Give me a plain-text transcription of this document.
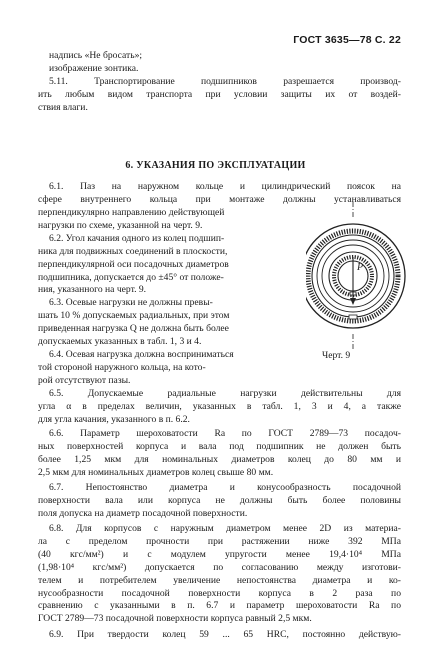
ГОСТ 3635—78 С. 22

надпись «Не бросать»;

изображение зонтика.

5.11. Транспортирование подшипников разрешается производ-

ить любым видом транспорта при условии защиты их от воздей-

ствия влаги.

6. УКАЗАНИЯ ПО ЭКСПЛУАТАЦИИ

6.1. Паз на наружном кольце и цилиндрический поясок на

сфере внутреннего кольца при монтаже должны устанавливаться

перпендикулярно направлению действующей

нагрузки по схеме, указанной на черт. 9.

6.2. Угол качания одного из колец подшип-

ника для подвижных соединений в плоскости,

перпендикулярной оси посадочных диаметров

подшипника, допускается до ±45° от положе-

ния, указанного на черт. 9.

6.3. Осевые нагрузки не должны превы-

шать 10 % допускаемых радиальных, при этом

приведенная нагрузка Q не должна быть более

допускаемых указанных в табл. 1, 3 и 4.

6.4. Осевая нагрузка должна восприниматься

той стороной наружного кольца, на кото-

рой отсутствуют пазы.

P
Черт. 9

6.5. Допускаемые радиальные нагрузки действительны для

угла α в пределах величин, указанных в табл. 1, 3 и 4, а также

для угла качания, указанного в п. 6.2.

6.6. Параметр шероховатости Ra по ГОСТ 2789—73 посадоч-

ных поверхностей корпуса и вала под подшипник не должен быть

более 1,25 мкм для номинальных диаметров колец до 80 мм и

2,5 мкм для номинальных диаметров колец свыше 80 мм.

6.7. Непостоянство диаметра и конусообразность посадочной

поверхности вала или корпуса не должны быть более половины

поля допуска на диаметр посадочной поверхности.

6.8. Для корпусов с наружным диаметром менее 2D из материа-

ла с пределом прочности при растяжении ниже 392 МПа

(40 кгс/мм²) и с модулем упругости менее 19,4·10⁴ МПа

(1,98·10⁴ кгс/мм²) допускается по согласованию между изготови-

телем и потребителем увеличение непостоянства диаметра и ко-

нусообразности посадочной поверхности корпуса в 2 раза по

сравнению с указанными в п. 6.7 и параметр шероховатости Ra по

ГОСТ 2789—73 посадочной поверхности корпуса равный 2,5 мкм.

6.9. При твердости колец 59 ... 65 HRC, постоянно действую-
